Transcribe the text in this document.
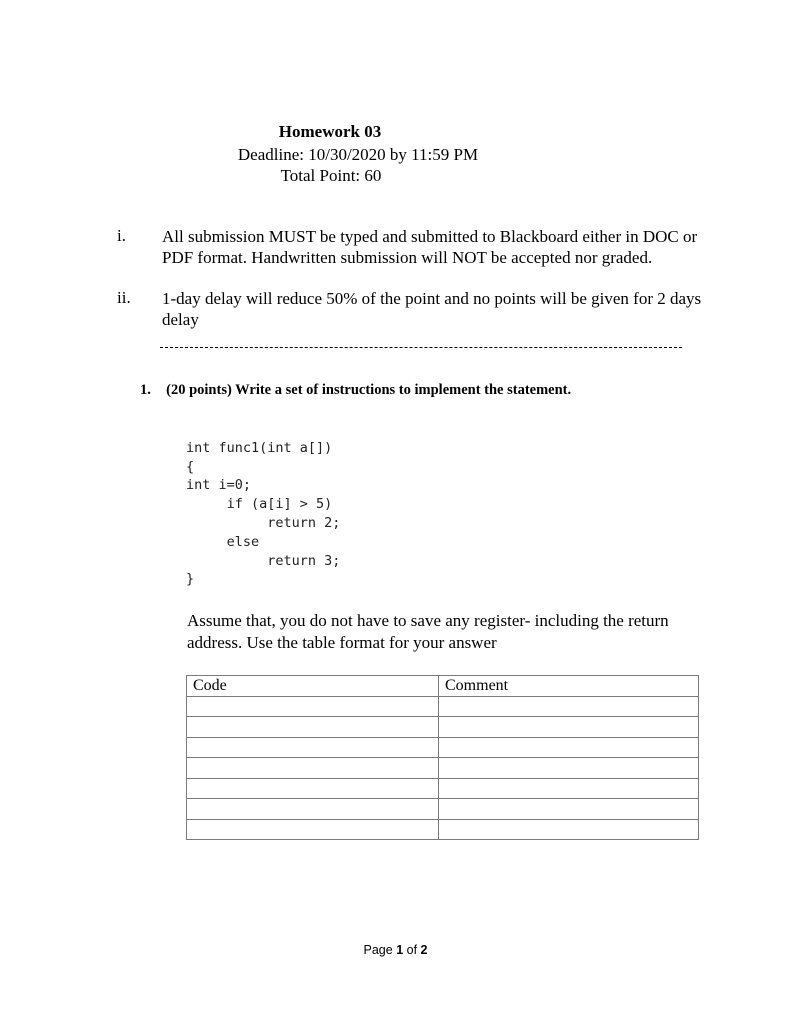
Homework 03
Deadline: 10/30/2020 by 11:59 PM
Total Point: 60
i. All submission MUST be typed and submitted to Blackboard either in DOC or PDF format. Handwritten submission will NOT be accepted nor graded.
ii. 1-day delay will reduce 50% of the point and no points will be given for 2 days delay
1. (20 points) Write a set of instructions to implement the statement.
int func1(int a[])
{
int i=0;
if (a[i] > 5)
return 2;
else
return 3;
}
Assume that, you do not have to save any register- including the return address. Use the table format for your answer
Code	Comment

Page 1 of 2
